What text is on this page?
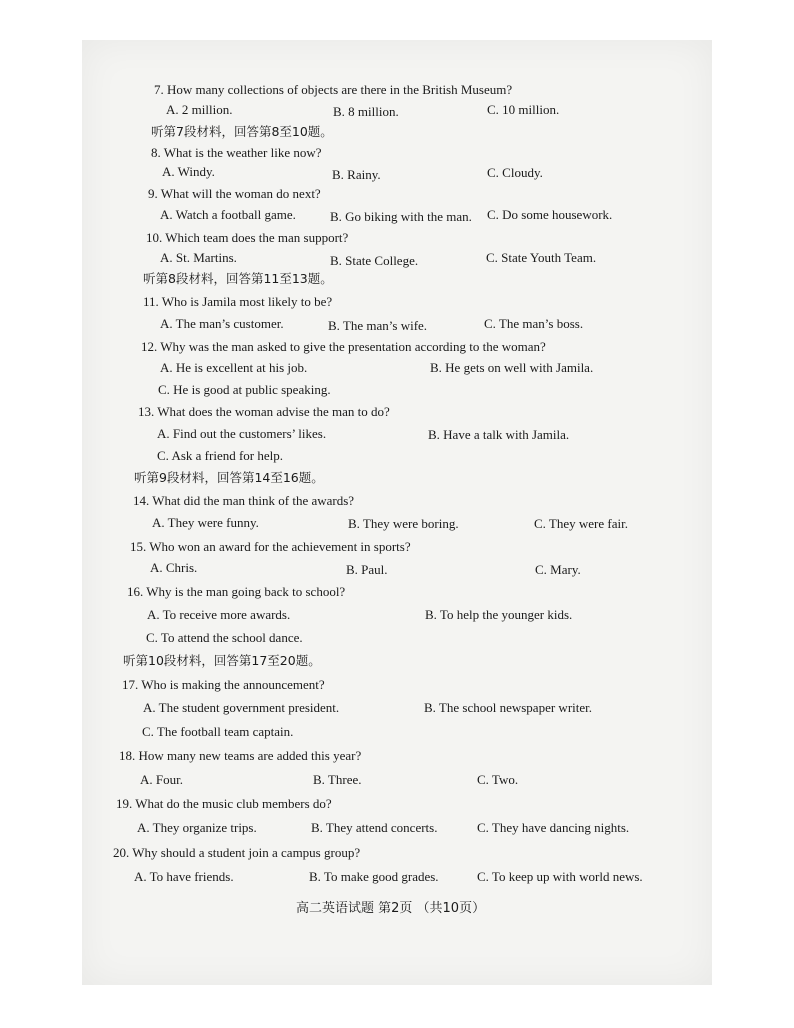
7. How many collections of objects are there in the British Museum?
A. 2 million.	B. 8 million.	C. 10 million.
听第7段材料，回答第8至10题。
8. What is the weather like now?
A. Windy.	B. Rainy.	C. Cloudy.
9. What will the woman do next?
A. Watch a football game.	B. Go biking with the man. C. Do some housework.
10. Which team does the man support?
A. St. Martins.	B. State College.	C. State Youth Team.
听第8段材料，回答第11至13题。
11. Who is Jamila most likely to be?
A. The man’s customer.	B. The man’s wife.	C. The man’s boss.
12. Why was the man asked to give the presentation according to the woman?
A. He is excellent at his job.	B. He gets on well with Jamila.
C. He is good at public speaking.
13. What does the woman advise the man to do?
A. Find out the customers’ likes.	B. Have a talk with Jamila.
C. Ask a friend for help.
听第9段材料，回答第14至16题。
14. What did the man think of the awards?
A. They were funny.	B. They were boring.	C. They were fair.
15. Who won an award for the achievement in sports?
A. Chris.	B. Paul.	C. Mary.
16. Why is the man going back to school?
A. To receive more awards.	B. To help the younger kids.
C. To attend the school dance.
听第10段材料，回答第17至20题。
17. Who is making the announcement?
A. The student government president.	B. The school newspaper writer.
C. The football team captain.
18. How many new teams are added this year?
A. Four.	B. Three.	C. Two.
19. What do the music club members do?
A. They organize trips.	B. They attend concerts.	C. They have dancing nights.
20. Why should a student join a campus group?
A. To have friends.	B. To make good grades.	C. To keep up with world news.
高二英语试题 第2页 （共10页）
